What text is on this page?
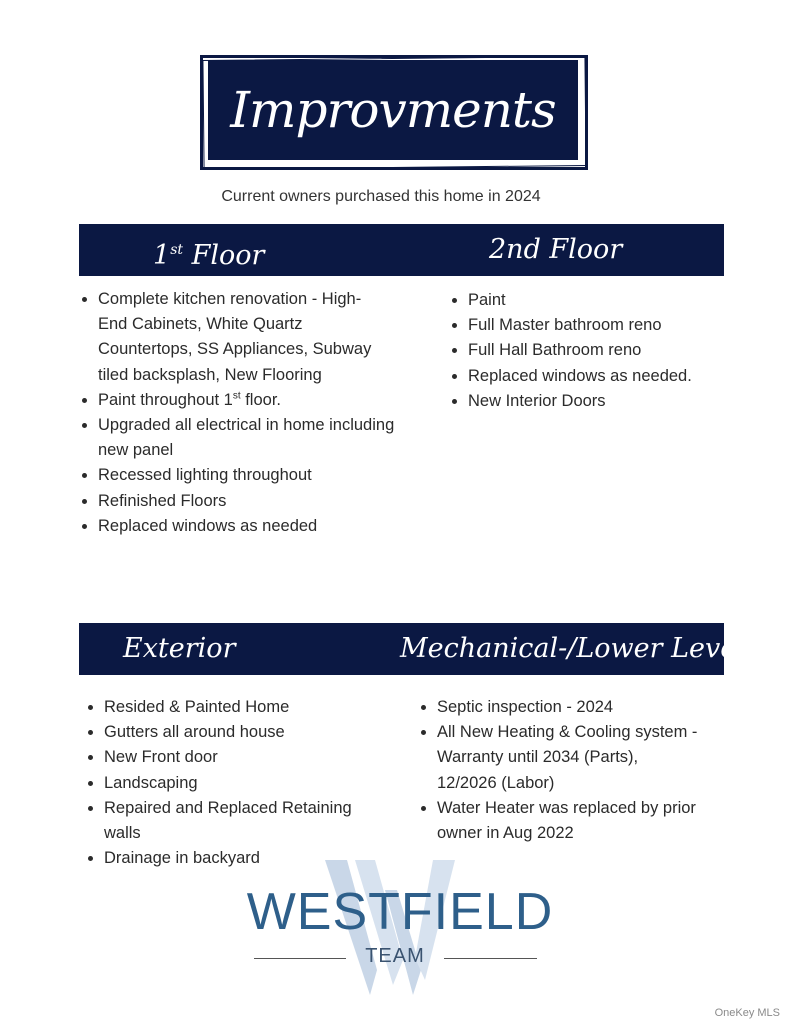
Improvments
Current owners purchased this home in 2024
1st Floor	2nd Floor
Complete kitchen renovation - High-
End Cabinets, White Quartz
Countertops, SS Appliances, Subway
tiled backsplash, New Flooring
Paint throughout 1st floor.
Upgraded all electrical in home including
new panel
Recessed lighting throughout
Refinished Floors
Replaced windows as needed
Paint
Full Master bathroom reno
Full Hall Bathroom reno
Replaced windows as needed.
New Interior Doors
Exterior	Mechanical-/Lower Level
Resided & Painted Home
Gutters all around house
New Front door
Landscaping
Repaired and Replaced Retaining
walls
Drainage in backyard
Septic inspection - 2024
All New Heating & Cooling system -
Warranty until 2034 (Parts),
12/2026 (Labor)
Water Heater was replaced by prior
owner in Aug 2022
WESTFIELD
TEAM
OneKey MLS
